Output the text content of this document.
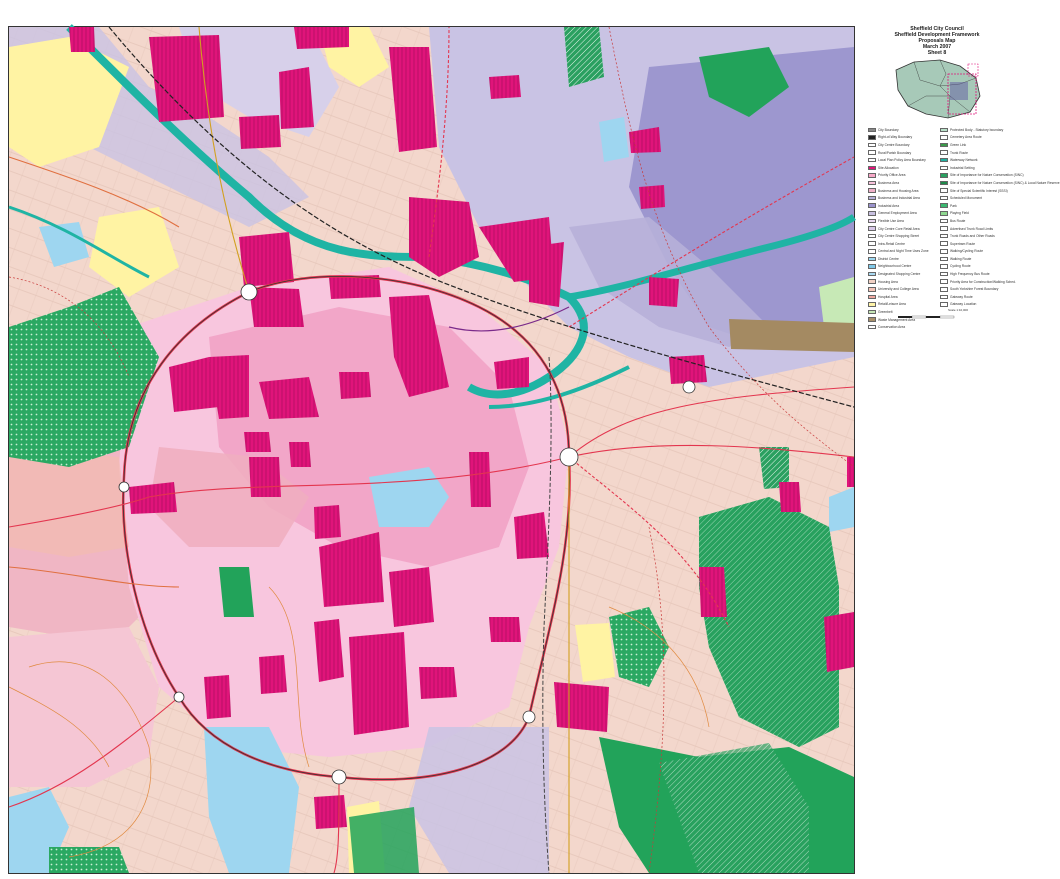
Sheffield City Council
Sheffield Development Framework
Proposals Map
March 2007
Sheet 8
City Boundary
Right-of-Way Boundary
City Centre Boundary
Rural/Parish Boundary
Local Plan Policy Area Boundary
Site Allocation
Priority Office Area
Business Area
Business and Housing Area
Business and Industrial Area
Industrial Area
General Employment Area
Flexible Use Area
City Centre Core Retail Area
City Centre Shopping Street
Intra-Retail Centre
Central and Night Time Uses Zone
District Centre
Neighbourhood Centre
Designated Shopping Centre
Housing Area
University and College Area
Hospital Area
Retail/Leisure Area
Greenbelt
Waste Management Area
Conservation Area
Protected Body - Statutory boundary
Cemetery Area Route
Green Link
Trunk Route
Waterway Network
Industrial Setting
Site of Importance for Nature Conservation (SINC)
Site of Importance for Nature Conservation (SINC) & Local Nature Reserve
Site of Special Scientific Interest (SSSI)
Scheduled Monument
Park
Playing Field
Bus Route
Advertised Trunk Road Limits
Trunk Roads and Other Roads
Supertram Route
Walking/Cycling Route
Walking Route
Cycling Route
High Frequency Bus Route
Priority Area for Construction/Walking Sched.
South Yorkshire Forest Boundary
Gateway Route
Gateway Location
Scale 1:10,000
